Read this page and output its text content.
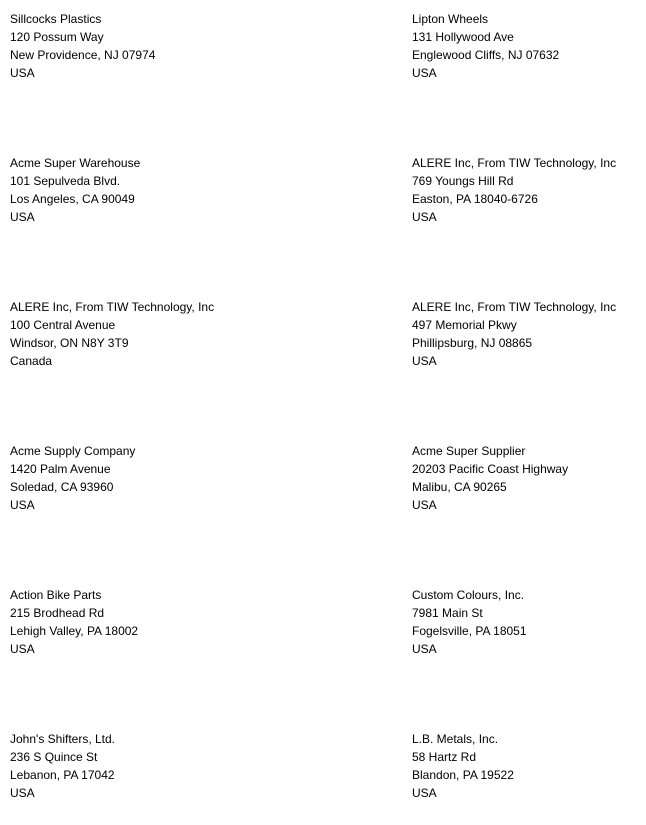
Sillcocks Plastics
120 Possum Way
New Providence, NJ 07974
USA
Lipton Wheels
131 Hollywood Ave
Englewood Cliffs, NJ 07632
USA
Acme Super Warehouse
101 Sepulveda Blvd.
Los Angeles, CA 90049
USA
ALERE Inc, From TIW Technology, Inc
769 Youngs Hill Rd
Easton, PA 18040-6726
USA
ALERE Inc, From TIW Technology, Inc
100 Central Avenue
Windsor, ON N8Y 3T9
Canada
ALERE Inc, From TIW Technology, Inc
497 Memorial Pkwy
Phillipsburg, NJ 08865
USA
Acme Supply Company
1420 Palm Avenue
Soledad, CA 93960
USA
Acme Super Supplier
20203 Pacific Coast Highway
Malibu, CA 90265
USA
Action Bike Parts
215 Brodhead Rd
Lehigh Valley, PA 18002
USA
Custom Colours, Inc.
7981 Main St
Fogelsville, PA 18051
USA
John's Shifters, Ltd.
236 S Quince St
Lebanon, PA 17042
USA
L.B. Metals, Inc.
58 Hartz Rd
Blandon, PA 19522
USA
